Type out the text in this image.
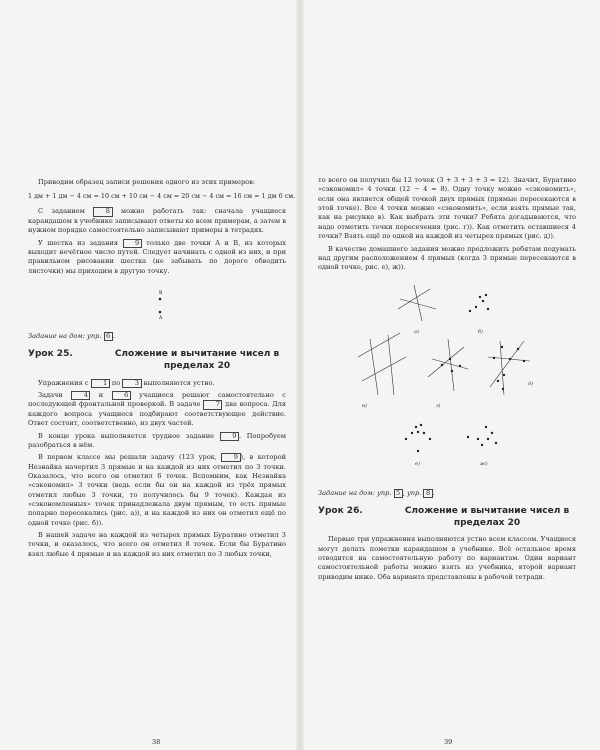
Приводим образец записи решения одного из этих примеров:

1 дм + 1 дм − 4 см = 10 см + 10 см − 4 см = 20 см − 4 см = 16 см = 1 дм 6 см.

С заданием	8 можно работать так: сначала учащиеся карандашом в учебнике записывают ответы ко всем примерам, а затем в нужном порядке самостоятельно записывают примеры в тетрадях.

У шестка из задания	9 только две точки A и B, из которых выходит нечётное число путей. Следует начинать с одной из них, и при правильном рисовании шестка (не забывать по дороге обводить листочки) мы приходим в другую точку.

B
A
Задание на дом: упр. 6 .
Урок 25.	Сложение и вычитание чисел в пределах 20

Упражнения с 1 по 3 выполняются устно.

Задачи	4 и	6 учащиеся решают самостоятельно с последующей фронтальной проверкой. В задаче 7 два вопроса. Для каждого вопроса учащиеся подбирают соответствующее действие. Ответ состоит, соответственно, из двух частей.

В конце урока выполняется трудное задание	9 . Попробуем разобраться в нём.

В первом классе мы решали задачу (123 урок,	9 ), в которой Незнайка начертил 3 прямые и на каждой из них отметил по 3 точки. Оказалось, что всего он отметил 6 точек. Вспомним, как Незнайка «сэкономил» 3 точки (ведь если бы он на каждой из трёх прямых отметил любые 3 точки, то получилось бы 9 точек). Каждая из «сэкономленных» точек принадлежала двум прямым, то есть прямые попарно пересекались (рис. а)), и на каждой из них он отметил ещё по одной точке (рис. б)).

В нашей задаче на каждой из четырех прямых Буратино отметил 3 точки, и оказалось, что всего он отметил 8 точек. Если бы Буратино взял любые 4 прямые и на каждой из них отметил по 3 любых точки,

38

то всего он получил бы 12 точек (3 + 3 + 3 + 3 = 12). Значит, Буратино «сэкономил» 4 точки (12 − 4 = 8). Одну точку можно «сэкономить», если она является общей точкой двух прямых (прямые пересекаются в этой точке). Все 4 точки можно «сэкономить», если взять прямые так, как на рисунке в). Как выбрать эти точки? Ребята догадываются, что надо отметить точки пересечения (рис. г)). Как отметить оставшиеся 4 точки? Взять ещё по одной на каждой из четырех прямых (рис. д)).

В качестве домашнего задания можно предложить ребятам подумать над другим расположением 4 прямых (когда 3 прямые пересекаются в одной точке, рис. е), ж)).

а)	б)
в)	г)
д)
е)	ж)
Задание на дом: упр. 5 , упр. 8 .
Урок 26.	Сложение и вычитание чисел в пределах 20

Первые три упражнения выполняются устно всем классом. Учащиеся могут делать пометки карандашом в учебнике. Всё остальное время отводится на самостоятельную работу по вариантам. Один вариант самостоятельной работы можно взять из учебника, второй вариант приводим ниже. Оба варианта представлены в рабочей тетради.

39
